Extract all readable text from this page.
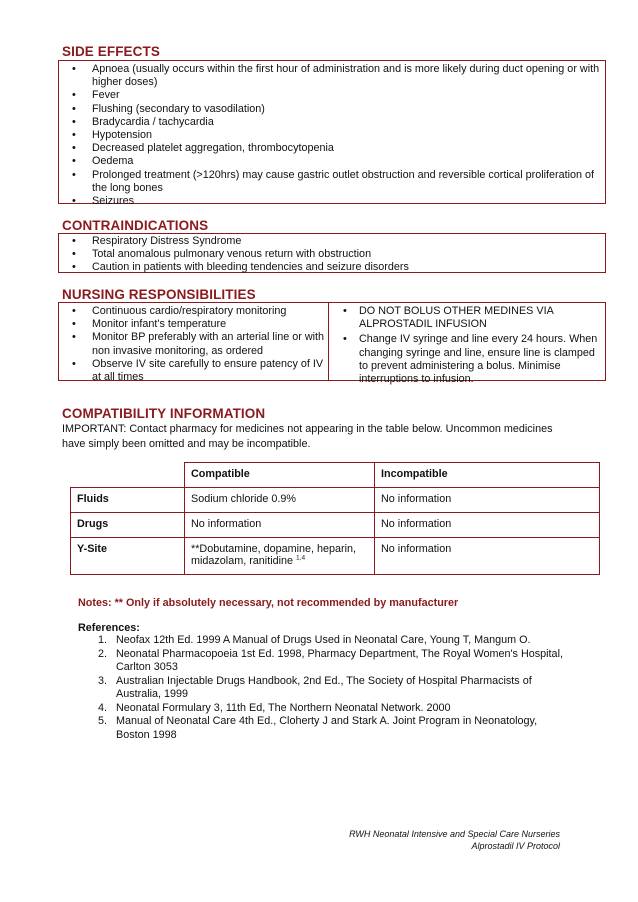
SIDE EFFECTS
• Apnoea (usually occurs within the first hour of administration and is more likely during duct opening or with higher doses)
• Fever
• Flushing (secondary to vasodilation)
• Bradycardia / tachycardia
• Hypotension
• Decreased platelet aggregation, thrombocytopenia
• Oedema
• Prolonged treatment (>120hrs) may cause gastric outlet obstruction and reversible cortical proliferation of the long bones
• Seizures
CONTRAINDICATIONS
• Respiratory Distress Syndrome
• Total anomalous pulmonary venous return with obstruction
• Caution in patients with bleeding tendencies and seizure disorders
NURSING RESPONSIBILITIES
• Continuous cardio/respiratory monitoring
• Monitor infant's temperature
• Monitor BP preferably with an arterial line or with non invasive monitoring, as ordered
• Observe IV site carefully to ensure patency of IV at all times
• DO NOT BOLUS OTHER MEDINES VIA ALPROSTADIL INFUSION
• Change IV syringe and line every 24 hours. When changing syringe and line, ensure line is clamped to prevent administering a bolus. Minimise interruptions to infusion.
COMPATIBILITY INFORMATION
IMPORTANT: Contact pharmacy for medicines not appearing in the table below. Uncommon medicines
have simply been omitted and may be incompatible.
	Compatible	Incompatible
Fluids	Sodium chloride 0.9%	No information
Drugs	No information	No information
Y-Site	**Dobutamine, dopamine, heparin,
midazolam, ranitidine $^{1,4}$	No information
Notes: ** Only if absolutely necessary, not recommended by manufacturer
References:
1. Neofax 12th Ed. 1999 A Manual of Drugs Used in Neonatal Care, Young T, Mangum O.
2. Neonatal Pharmacopoeia 1st Ed. 1998, Pharmacy Department, The Royal Women's Hospital, Carlton 3053
3. Australian Injectable Drugs Handbook, 2nd Ed., The Society of Hospital Pharmacists of Australia, 1999
4. Neonatal Formulary 3, 11th Ed, The Northern Neonatal Network. 2000
5. Manual of Neonatal Care 4th Ed., Cloherty J and Stark A. Joint Program in Neonatology, Boston 1998
RWH Neonatal Intensive and Special Care Nurseries
Alprostadil IV Protocol
